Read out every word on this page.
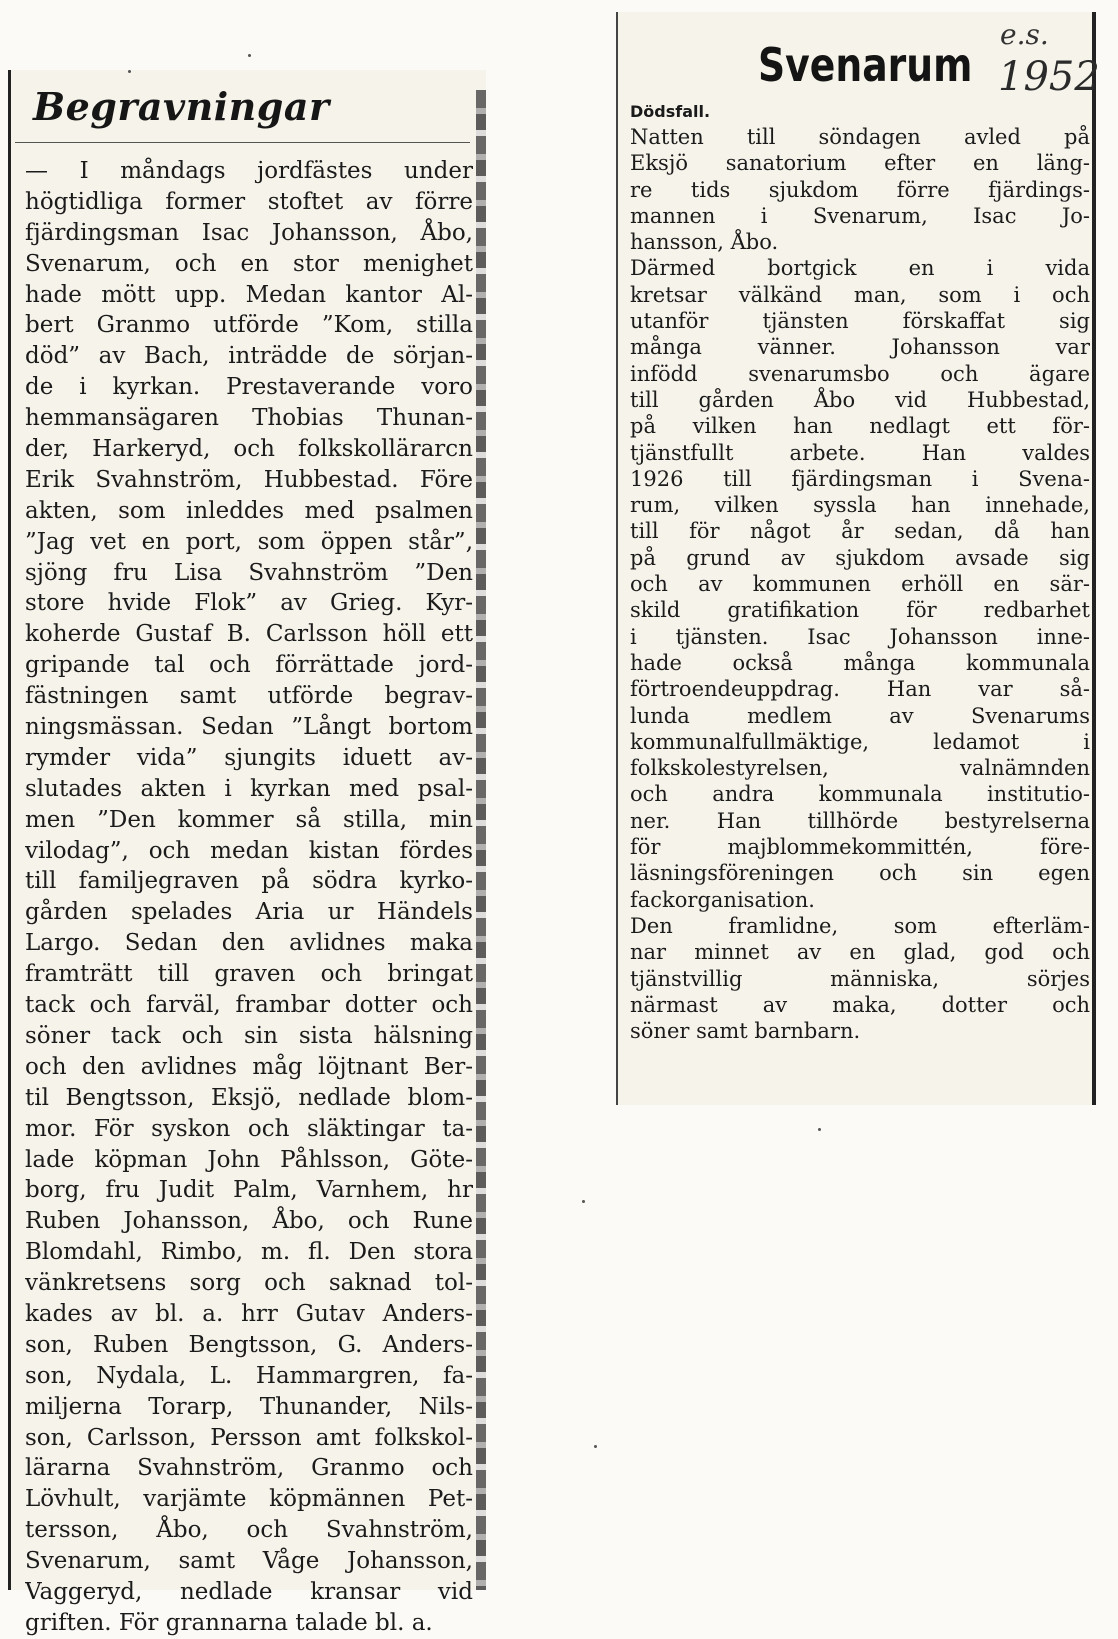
Begravningar
— I måndags jordfästes under
högtidliga former stoftet av förre
fjärdingsman Isac Johansson, Åbo,
Svenarum, och en stor menighet
hade mött upp. Medan kantor Al-
bert Granmo utförde ”Kom, stilla
död” av Bach, inträdde de sörjan-
de i kyrkan. Prestaverande voro
hemmansägaren Thobias Thunan-
der, Harkeryd, och folkskollärarcn
Erik Svahnström, Hubbestad. Före
akten, som inleddes med psalmen
”Jag vet en port, som öppen står”,
sjöng fru Lisa Svahnström ”Den
store hvide Flok” av Grieg. Kyr-
koherde Gustaf B. Carlsson höll ett
gripande tal och förrättade jord-
fästningen samt utförde begrav-
ningsmässan. Sedan ”Långt bortom
rymder vida” sjungits iduett av-
slutades akten i kyrkan med psal-
men ”Den kommer så stilla, min
vilodag”, och medan kistan fördes
till familjegraven på södra kyrko-
gården spelades Aria ur Händels
Largo. Sedan den avlidnes maka
framträtt till graven och bringat
tack och farväl, frambar dotter och
söner tack och sin sista hälsning
och den avlidnes måg löjtnant Ber-
til Bengtsson, Eksjö, nedlade blom-
mor. För syskon och släktingar ta-
lade köpman John Påhlsson, Göte-
borg, fru Judit Palm, Varnhem, hr
Ruben Johansson, Åbo, och Rune
Blomdahl, Rimbo, m. fl. Den stora
vänkretsens sorg och saknad tol-
kades av bl. a. hrr Gutav Anders-
son, Ruben Bengtsson, G. Anders-
son, Nydala, L. Hammargren, fa-
miljerna Torarp, Thunander, Nils-
son, Carlsson, Persson amt folkskol-
lärarna Svahnström, Granmo och
Lövhult, varjämte köpmännen Pet-
tersson, Åbo, och Svahnström,
Svenarum, samt Våge Johansson,
Vaggeryd, nedlade kransar vid
griften. För grannarna talade bl. a.
e.s.
Svenarum 1952
Dödsfall.
Natten till söndagen avled på
Eksjö sanatorium efter en läng-
re tids sjukdom förre fjärdings-
mannen i Svenarum, Isac Jo-
hansson, Åbo.
Därmed bortgick en i vida
kretsar välkänd man, som i och
utanför tjänsten förskaffat sig
många vänner. Johansson var
infödd svenarumsbo och ägare
till gården Åbo vid Hubbestad,
på vilken han nedlagt ett för-
tjänstfullt arbete. Han valdes
1926 till fjärdingsman i Svena-
rum, vilken syssla han innehade,
till för något år sedan, då han
på grund av sjukdom avsade sig
och av kommunen erhöll en sär-
skild gratifikation för redbarhet
i tjänsten. Isac Johansson inne-
hade också många kommunala
förtroendeuppdrag. Han var så-
lunda medlem av Svenarums
kommunalfullmäktige, ledamot i
folkskolestyrelsen, valnämnden
och andra kommunala institutio-
ner. Han tillhörde bestyrelserna
för majblommekommittén, före-
läsningsföreningen och sin egen
fackorganisation.
Den framlidne, som efterläm-
nar minnet av en glad, god och
tjänstvillig människa, sörjes
närmast av maka, dotter och
söner samt barnbarn.
